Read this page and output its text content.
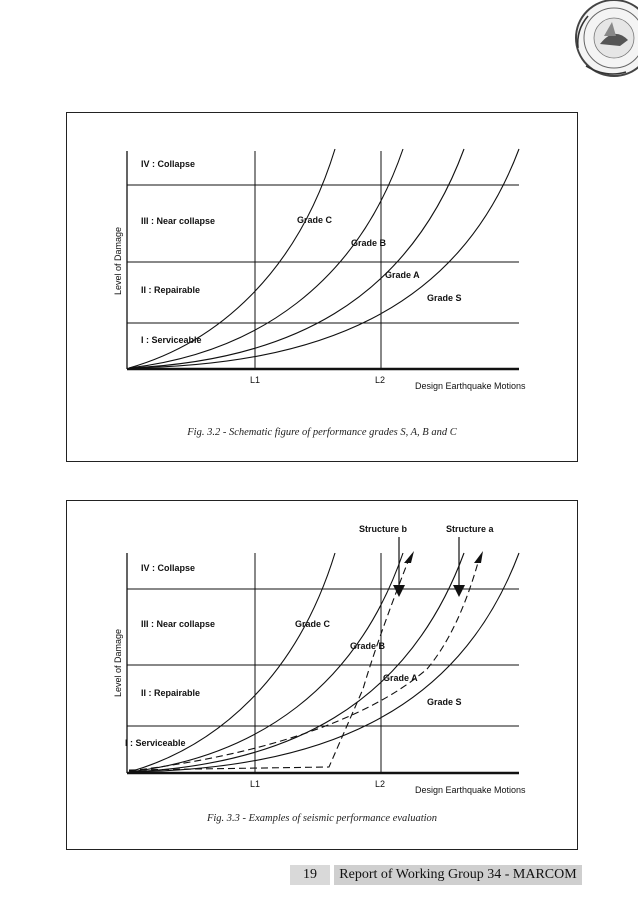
IV : Collapse
III : Near collapse
II : Repairable
I : Serviceable
Grade C
Grade B
Grade A
Grade S
L1	L2
Design Earthquake Motions
Level of Damage
Fig. 3.2 - Schematic figure of performance grades S, A, B and C
Structure b	Structure a
IV : Collapse
III : Near collapse
II : Repairable
I : Serviceable
Grade C
Grade B
Grade A
Grade S
L1	L2
Design Earthquake Motions
Level of Damage
Fig. 3.3 - Examples of seismic performance evaluation
19	Report of Working Group 34 - MARCOM
